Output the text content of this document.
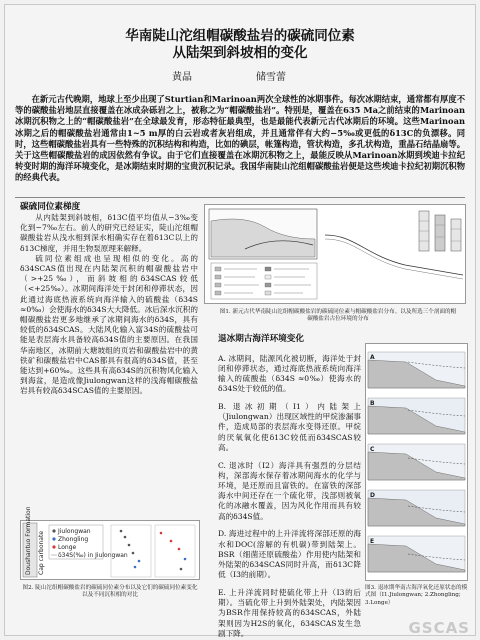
华南陡山沱组帽碳酸盐岩的碳硫同位素
从陆架到斜坡相的变化
黄晶	储雪蕾

在新元古代晚期，地球上至少出现了Sturtian和Marinoan两次全球性的冰期事件。每次冰期结束，通常都有厚度不等的碳酸盐岩地层直接覆盖在冰成杂砾岩之上，被称之为“帽碳酸盐岩”。特别是，覆盖在635 Ma之前结束的Marinoan冰期沉积物之上的“帽碳酸盐岩”在全球最发育，形态特征最典型，也是最能代表新元古代冰期后的环境。这些Marinoan冰期之后的帽碳酸盐岩通常由1~5 m厚的白云岩或者灰岩组成，并且通常伴有大约−5‰或更低的δ13C的负漂移。同时，这些帽碳酸盐岩具有一些特殊的沉积结构和构造，比如的碘层，帐篷构造，管状构造，多孔状构造，重晶石结晶扇等。关于这些帽碳酸盐岩的成因依然有争议。由于它们直接覆盖在冰期沉积物之上，最能反映从Marinoan冰期到埃迪卡拉纪转变时期的海洋环境变化，是冰期结束时期的宝贵沉积记录。我国华南陡山沱组帽碳酸盐岩便是这些埃迪卡拉纪初期沉积物的经典代表。

碳硫同位素梯度

从内陆架到斜坡相，δ13C值平均值从−3‰变化到−7‰左右。前人的研究已经证实，陡山沱组帽碳酸盐岩从浅水相到深水相确实存在着δ13C以上的δ13C梯度，并用生物泵原理来解释。

硫同位素组成也呈现相似的变化。高的δ34SCAS值出现在内陆架沉积的帽碳酸盐岩中（>+25‰），而斜坡相的δ34SCAS较低（<+25‰）。冰期间海洋处于封闭和停滞状态，因此通过海底热液系统向海洋输入的硫酸盐（δ34S ≈0‰）会使海水的δ34S大大降低。冰后深水沉积的帽碳酸盐岩更多地继承了冰期间海水的δ34S，具有较低的δ34SCAS。大陆风化输入富34S的硫酸盐可能是表层海水具备较高δ34S值的主要原因。在我国华南地区，冰期前大塘坡组的页岩和碳酸盐岩中的黄铁矿和碳酸盐岩中CAS都具有很高的δ34S值，甚至能达到+60‰。这些具有高δ34S的沉积物风化输入到海盆，是造成像Jiulongwan这样的浅海帽碳酸盐岩具有较高δ34SCAS值的主要原因。

图1. 新元古代华南陡山沱组帽碳酸盐岩的碳硫同位素与帽碳酸盐岩分布。以及所选三个剖面的帽碳酸盐岩古位环境的分布

退冰期古海洋环境变化

A. 冰期间，陆源风化被切断，海洋处于封闭和停滞状态，通过海底热液系统向海洋输入的硫酸盐（δ34S ≈0‰）使海水的δ34S处于较低的值。

B. 退冰初期（I1）内陆架上（Jiulongwan）出现区域性的甲烷渗漏事件，造成局部的表层海水变得还原。甲烷的厌氧氧化使δ13C较低而δ34SCAS较高。

C. 退冰时（I2）海洋具有强烈的分层结构，深部海水保存着冰期间海水的化学与环境，是还原而且富铁的。在富铁的深部海水中间还存在一个硫化带，浅部则被氧化的冰融水覆盖，因为风化作用而具有较高的δ34S值。

D. 海进过程中的上升洋流将深部还原的海水和DOC(溶解的有机碳)带到陆架上。BSR（细菌还原硫酸盐）作用使内陆架和外陆架的δ34SCAS同时升高，而δ13C降低（I3的前期）。

E. 上升洋流同时使硫化带上升（I3的后期）。当硫化带上升到外陆架处，内陆架因为BSR作用保持较高的δ34SCAS，外陆架则因为H2S的氧化，δ34SCAS发生急剧下降。

A
B
C
D
E

图3. 退冰期华南古海洋氧化还原状态的模式图（I1.Jiulongwan; 2.Zhongling; 3.Longe）

Doushantuo Formation Cap carbonate Jiulongwan
Zhongling
Longe
δ34S(‰) in Jiulongwan

图2. 陡山沱组帽碳酸盐岩的碳硫同位素分布以及它们的碳硫同位素变化以及不同沉积相的对比

GSCAS
